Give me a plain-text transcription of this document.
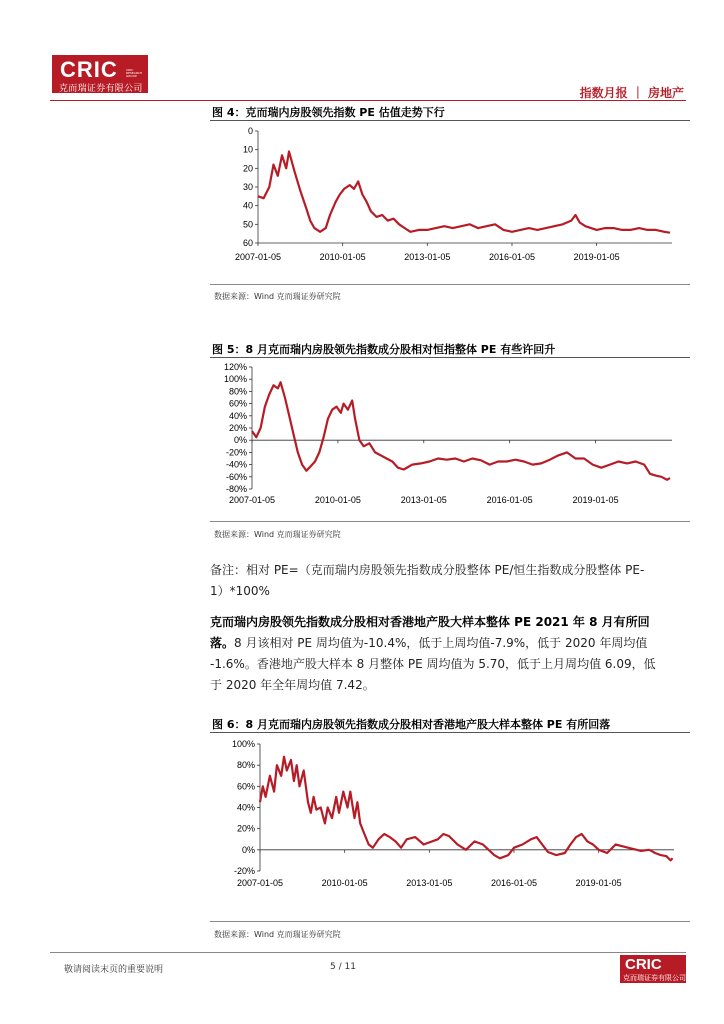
CRIC	CRIC RESEARCH GROUP
克而瑞证券有限公司	指数月报 ｜ 房地产
图 4：克而瑞内房股领先指数 PE 估值走势下行
0
10
20
30
40
50
60
2007-01-05	2010-01-05	2013-01-05	2016-01-05	2019-01-05
数据来源：Wind 克而瑞证券研究院
图 5：8 月克而瑞内房股领先指数成分股相对恒指整体 PE 有些许回升
120%
100%
80%
60%
40%
20%
0%
-20%
-40%
-60%
-80%
2007-01-05	2010-01-05	2013-01-05	2016-01-05	2019-01-05
数据来源：Wind 克而瑞证券研究院
备注：相对 PE=（克而瑞内房股领先指数成分股整体 PE/恒生指数成分股整体 PE-
1）*100%
克而瑞内房股领先指数成分股相对香港地产股大样本整体 PE 2021 年 8 月有所回
落。8 月该相对 PE 周均值为-10.4%，低于上周均值-7.9%，低于 2020 年周均值
-1.6%。香港地产股大样本 8 月整体 PE 周均值为 5.70，低于上月周均值 6.09，低
于 2020 年全年周均值 7.42。
图 6：8 月克而瑞内房股领先指数成分股相对香港地产股大样本整体 PE 有所回落
100%
80%
60%
40%
20%
0%
-20%
2007-01-05	2010-01-05	2013-01-05	2016-01-05	2019-01-05
数据来源：Wind 克而瑞证券研究院
敬请阅读末页的重要说明	5 / 11	CRIC
克而瑞证券有限公司
